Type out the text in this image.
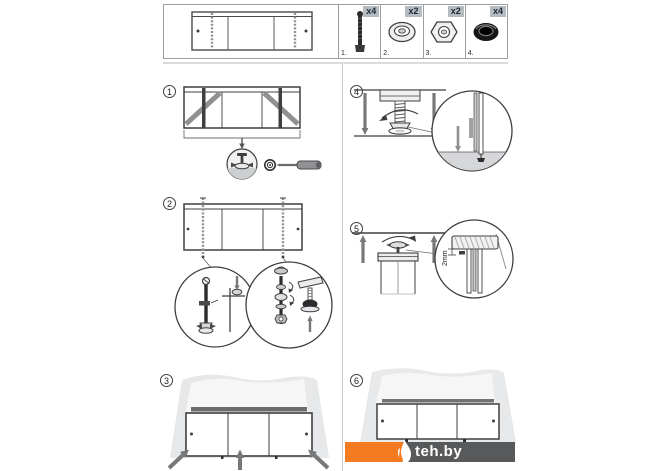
x4
1.
x2
2.
x2
3.
x4
4.
1
2
3
4
5
6
2mm
teh.by
